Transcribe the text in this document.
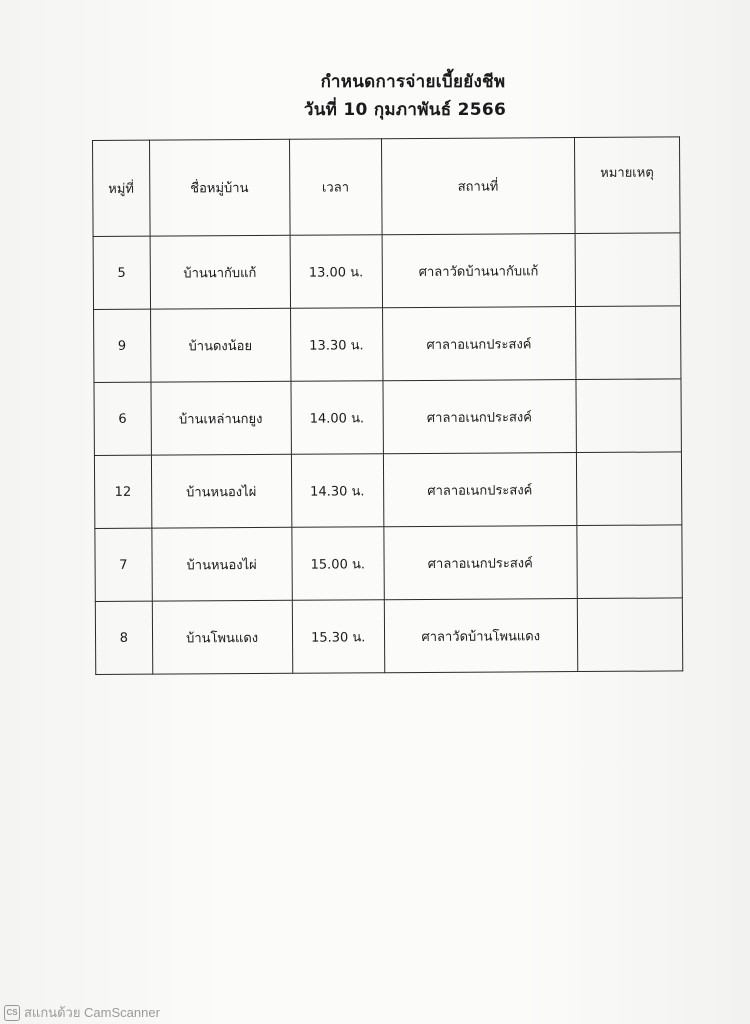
กำหนดการจ่ายเบี้ยยังชีพ
วันที่ 10 กุมภาพันธ์ 2566
หมู่ที่	ชื่อหมู่บ้าน	เวลา	สถานที่	หมายเหตุ
5	บ้านนากับแก้	13.00 น.	ศาลาวัดบ้านนากับแก้	
9	บ้านดงน้อย	13.30 น.	ศาลาอเนกประสงค์	
6	บ้านเหล่านกยูง	14.00 น.	ศาลาอเนกประสงค์	
12	บ้านหนองไผ่	14.30 น.	ศาลาอเนกประสงค์	
7	บ้านหนองไผ่	15.00 น.	ศาลาอเนกประสงค์	
8	บ้านโพนแดง	15.30 น.	ศาลาวัดบ้านโพนแดง	
CS สแกนด้วย CamScanner
